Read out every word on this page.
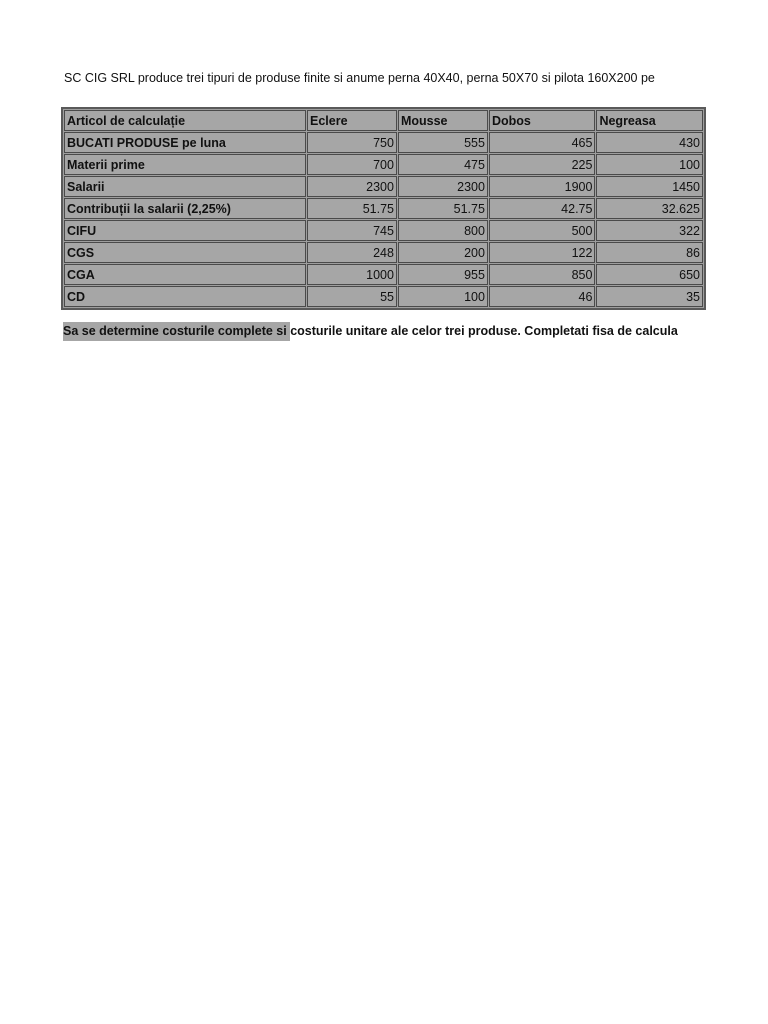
SC CIG SRL produce trei tipuri de produse finite si anume perna 40X40, perna 50X70 si pilota 160X200 pe
Articol de calculație	Eclere	Mousse	Dobos	Negreasa
BUCATI PRODUSE pe luna	750	555	465	430
Materii prime	700	475	225	100
Salarii	2300	2300	1900	1450
Contribuții la salarii (2,25%)	51.75	51.75	42.75	32.625
CIFU	745	800	500	322
CGS	248	200	122	86
CGA	1000	955	850	650
CD	55	100	46	35
Sa se determine costurile complete si costurile unitare ale celor trei produse. Completati fisa de calcula
